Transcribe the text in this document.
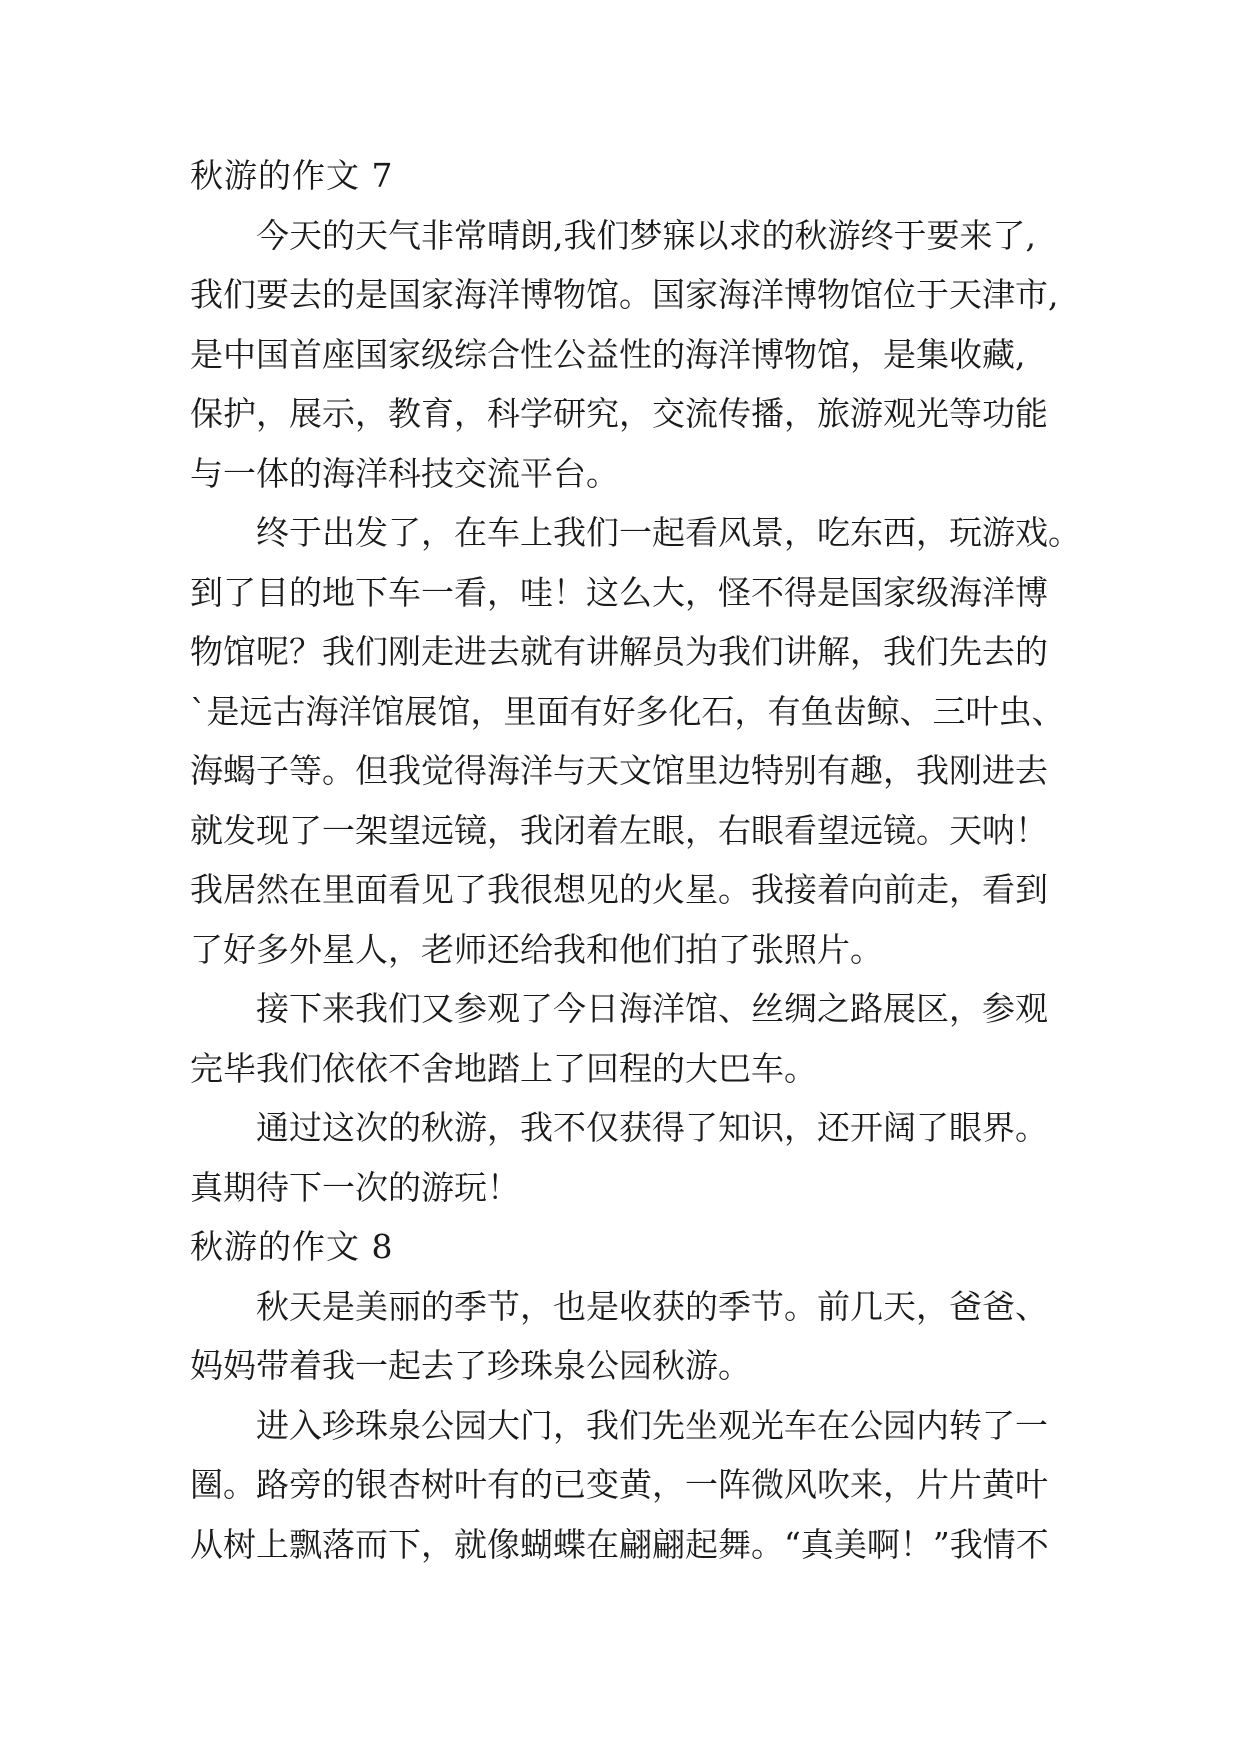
秋游的作文 7
今天的天气非常晴朗,我们梦寐以求的秋游终于要来了,
我们要去的是国家海洋博物馆。国家海洋博物馆位于天津市,
是中国首座国家级综合性公益性的海洋博物馆，是集收藏,
保护，展示，教育，科学研究，交流传播，旅游观光等功能
与一体的海洋科技交流平台。
终于出发了，在车上我们一起看风景，吃东西，玩游戏。
到了目的地下车一看，哇！这么大，怪不得是国家级海洋博
物馆呢？我们刚走进去就有讲解员为我们讲解，我们先去的
`是远古海洋馆展馆，里面有好多化石，有鱼齿鲸、三叶虫、
海蝎子等。但我觉得海洋与天文馆里边特别有趣，我刚进去
就发现了一架望远镜，我闭着左眼，右眼看望远镜。天呐！
我居然在里面看见了我很想见的火星。我接着向前走，看到
了好多外星人，老师还给我和他们拍了张照片。
接下来我们又参观了今日海洋馆、丝绸之路展区，参观
完毕我们依依不舍地踏上了回程的大巴车。
通过这次的秋游，我不仅获得了知识，还开阔了眼界。
真期待下一次的游玩！
秋游的作文 8
秋天是美丽的季节，也是收获的季节。前几天，爸爸、
妈妈带着我一起去了珍珠泉公园秋游。
进入珍珠泉公园大门，我们先坐观光车在公园内转了一
圈。路旁的银杏树叶有的已变黄，一阵微风吹来，片片黄叶
从树上飘落而下，就像蝴蝶在翩翩起舞。“真美啊！”我情不
